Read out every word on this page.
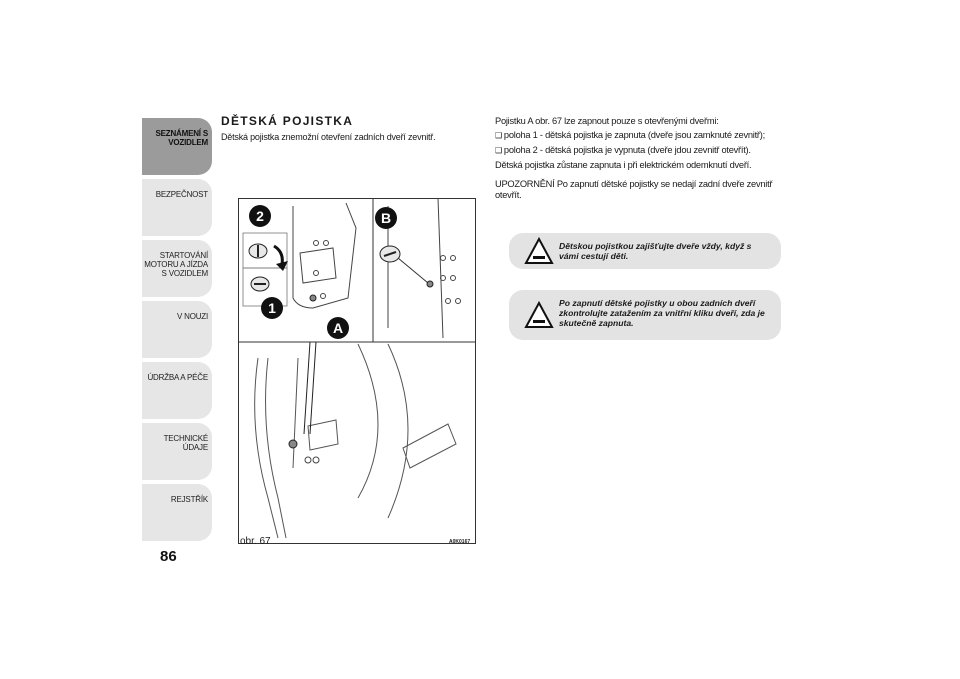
SEZNÁMENÍ S VOZIDLEM
BEZPEČNOST
STARTOVÁNÍ MOTORU A JÍZDA S VOZIDLEM
V NOUZI
ÚDRŽBA A PÉČE
TECHNICKÉ ÚDAJE
REJSTŘÍK
86
DĚTSKÁ POJISTKA
Dětská pojistka znemožní otevření zadních dveří zevnitř.
2
1
A
B
obr. 67	A0K0167

Pojistku A obr. 67 lze zapnout pouze s otevřenými dveřmi:

❑ poloha 1 - dětská pojistka je zapnuta (dveře jsou zamknuté zevnitř);

❑ poloha 2 - dětská pojistka je vypnuta (dveře jdou zevnitř otevřít).

Dětská pojistka zůstane zapnuta i při elektrickém odemknutí dveří.

UPOZORNĚNÍ Po zapnutí dětské pojistky se nedají zadní dveře zevnitř otevřít.

Dětskou pojistkou zajišťujte dveře vždy, když s vámi cestují děti.
Po zapnutí dětské pojistky u obou zadních dveří zkontrolujte zatažením za vnitřní kliku dveří, zda je skutečně zapnuta.
